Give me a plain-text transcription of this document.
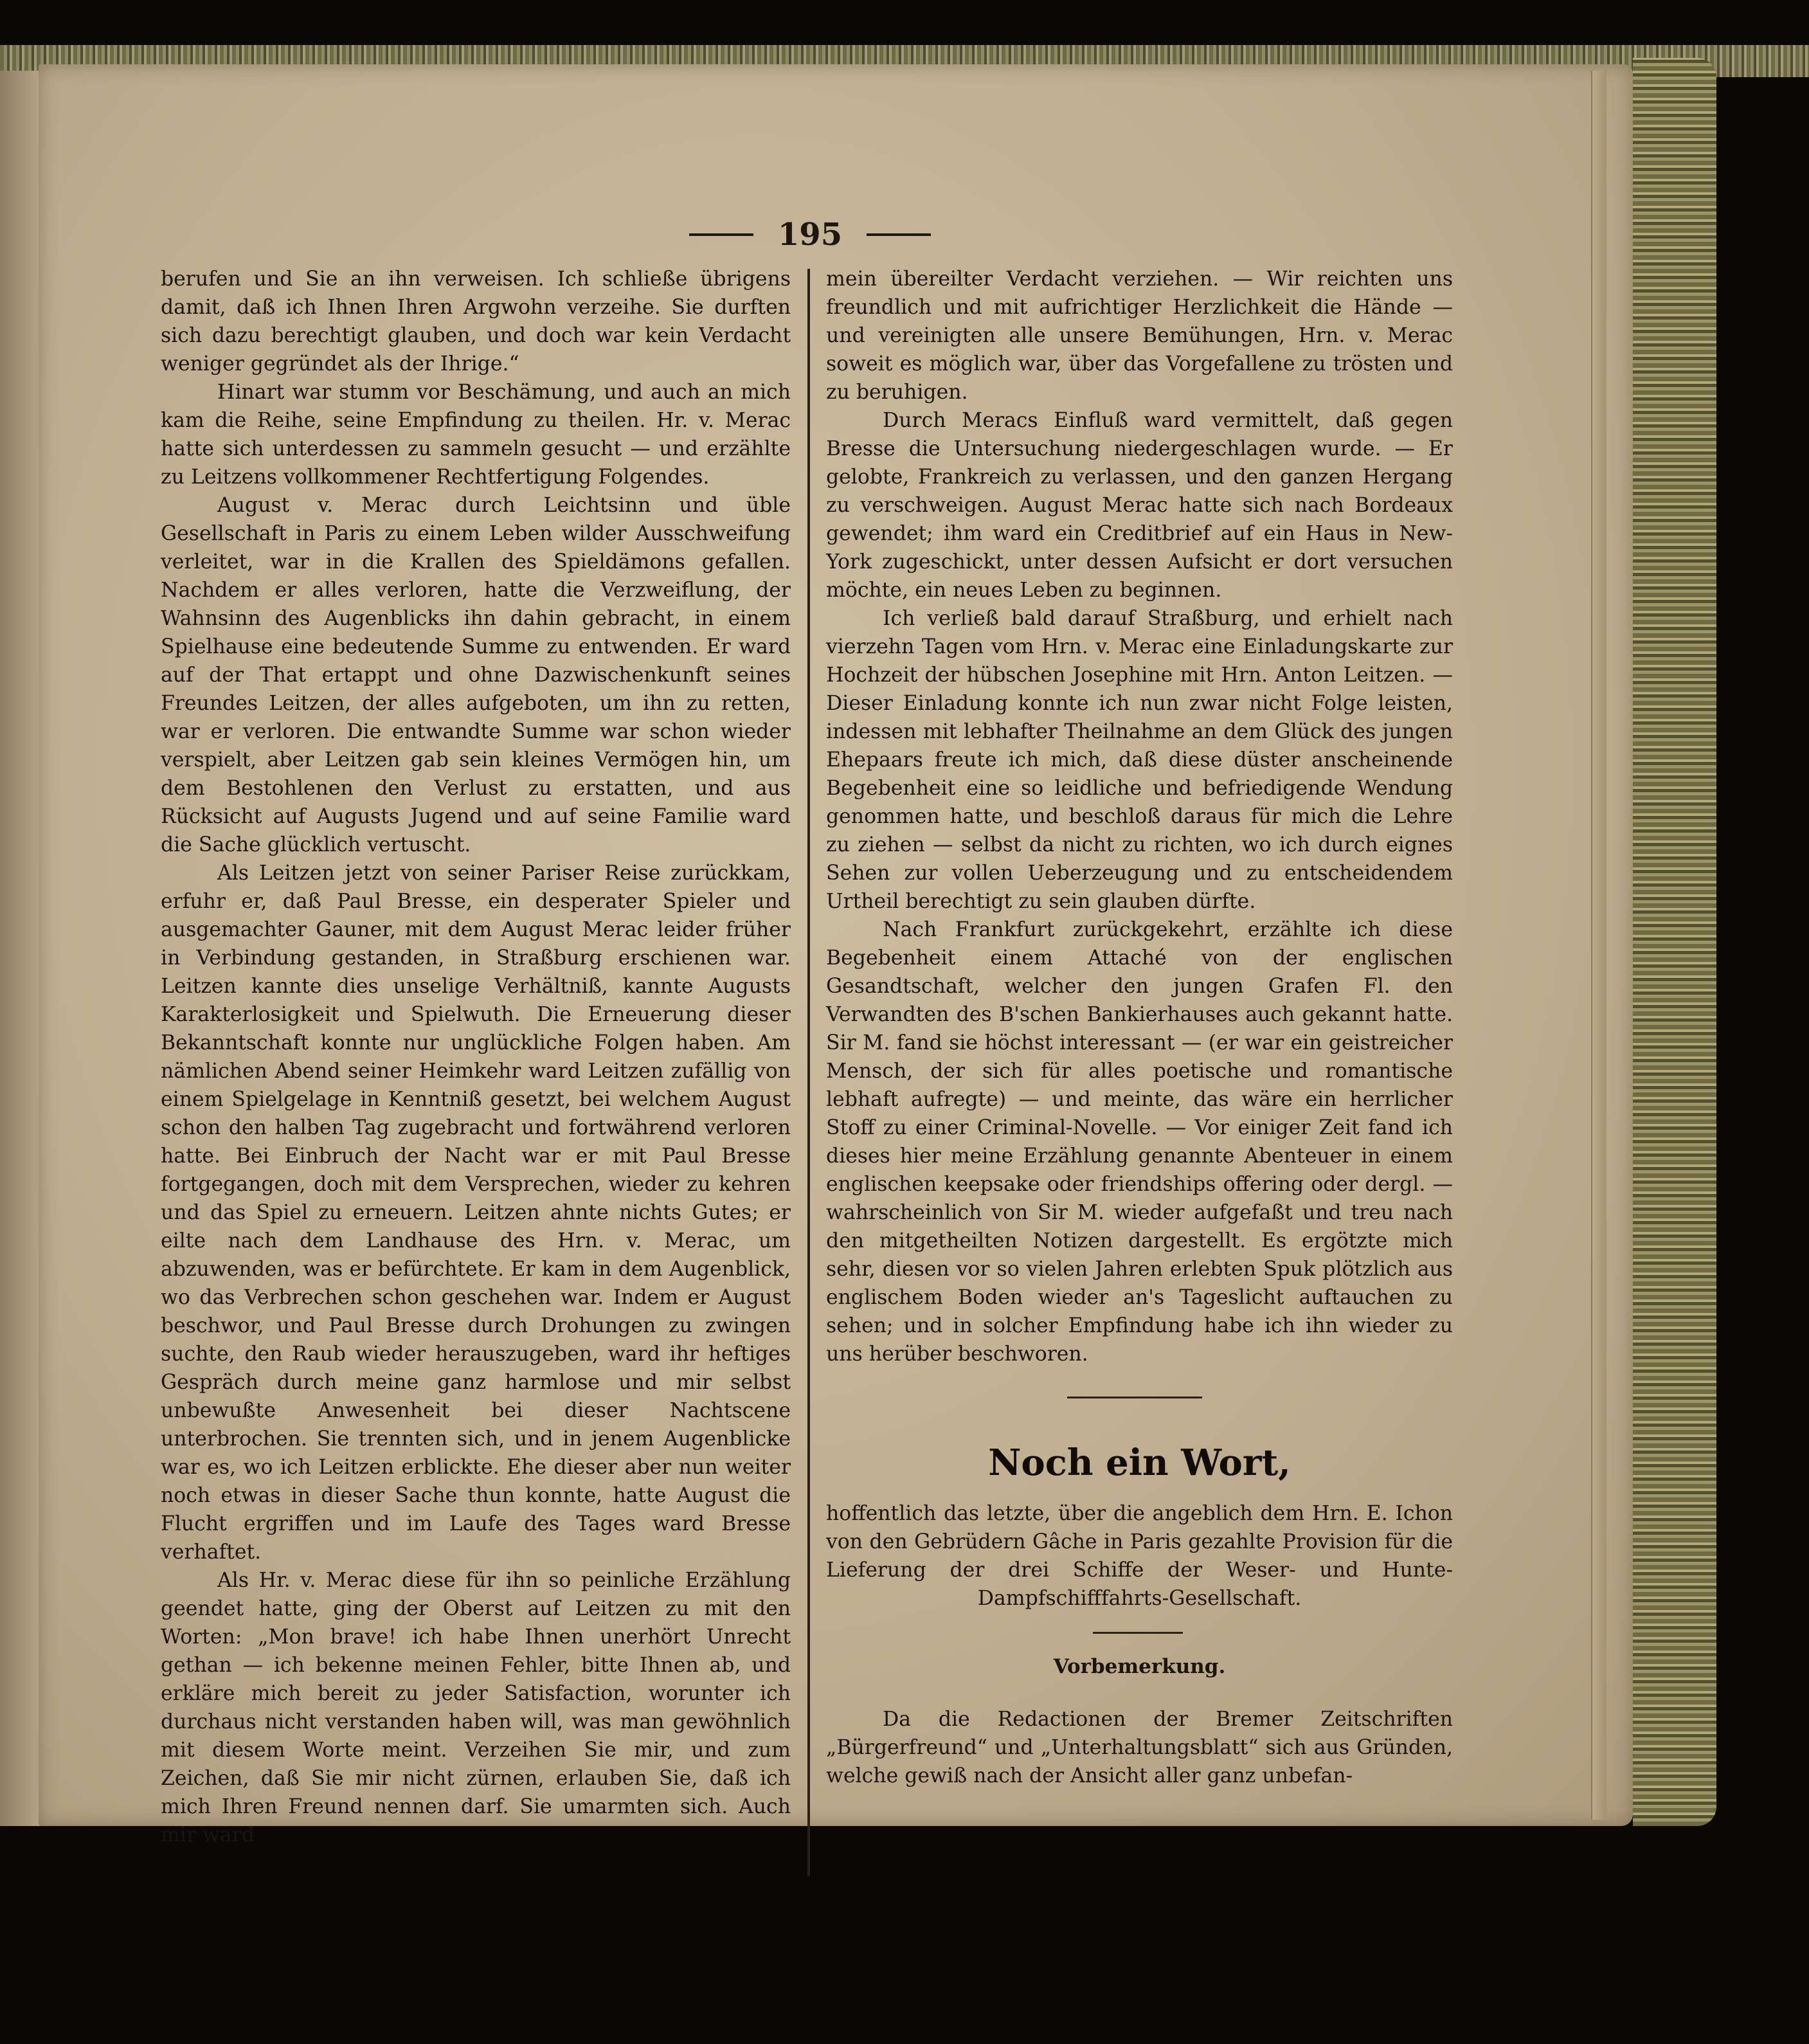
195

berufen und Sie an ihn verweisen. Ich schließe übrigens damit, daß ich Ihnen Ihren Argwohn verzeihe. Sie durften sich dazu berechtigt glauben, und doch war kein Verdacht weniger gegründet als der Ihrige.“

Hinart war stumm vor Beschämung, und auch an mich kam die Reihe, seine Empfindung zu theilen. Hr. v. Merac hatte sich unterdessen zu sammeln gesucht — und erzählte zu Leitzens vollkommener Rechtfertigung Folgendes.

August v. Merac durch Leichtsinn und üble Gesellschaft in Paris zu einem Leben wilder Ausschweifung verleitet, war in die Krallen des Spieldämons gefallen. Nachdem er alles verloren, hatte die Verzweiflung, der Wahnsinn des Augenblicks ihn dahin gebracht, in einem Spielhause eine bedeutende Summe zu entwenden. Er ward auf der That ertappt und ohne Dazwischenkunft seines Freundes Leitzen, der alles aufgeboten, um ihn zu retten, war er verloren. Die entwandte Summe war schon wieder verspielt, aber Leitzen gab sein kleines Vermögen hin, um dem Bestohlenen den Verlust zu erstatten, und aus Rücksicht auf Augusts Jugend und auf seine Familie ward die Sache glücklich vertuscht.

Als Leitzen jetzt von seiner Pariser Reise zurückkam, erfuhr er, daß Paul Bresse, ein desperater Spieler und ausgemachter Gauner, mit dem August Merac leider früher in Verbindung gestanden, in Straßburg erschienen war. Leitzen kannte dies unselige Verhältniß, kannte Augusts Karakterlosigkeit und Spielwuth. Die Erneuerung dieser Bekanntschaft konnte nur unglückliche Folgen haben. Am nämlichen Abend seiner Heimkehr ward Leitzen zufällig von einem Spielgelage in Kenntniß gesetzt, bei welchem August schon den halben Tag zugebracht und fortwährend verloren hatte. Bei Einbruch der Nacht war er mit Paul Bresse fortgegangen, doch mit dem Versprechen, wieder zu kehren und das Spiel zu erneuern. Leitzen ahnte nichts Gutes; er eilte nach dem Landhause des Hrn. v. Merac, um abzuwenden, was er befürchtete. Er kam in dem Augenblick, wo das Verbrechen schon geschehen war. Indem er August beschwor, und Paul Bresse durch Drohungen zu zwingen suchte, den Raub wieder herauszugeben, ward ihr heftiges Gespräch durch meine ganz harmlose und mir selbst unbewußte Anwesenheit bei dieser Nachtscene unterbrochen. Sie trennten sich, und in jenem Augenblicke war es, wo ich Leitzen erblickte. Ehe dieser aber nun weiter noch etwas in dieser Sache thun konnte, hatte August die Flucht ergriffen und im Laufe des Tages ward Bresse verhaftet.

Als Hr. v. Merac diese für ihn so peinliche Erzählung geendet hatte, ging der Oberst auf Leitzen zu mit den Worten: „Mon brave! ich habe Ihnen unerhört Unrecht gethan — ich bekenne meinen Fehler, bitte Ihnen ab, und erkläre mich bereit zu jeder Satisfaction, worunter ich durchaus nicht verstanden haben will, was man gewöhnlich mit diesem Worte meint. Verzeihen Sie mir, und zum Zeichen, daß Sie mir nicht zürnen, erlauben Sie, daß ich mich Ihren Freund nennen darf. Sie umarmten sich. Auch mir ward

mein übereilter Verdacht verziehen. — Wir reichten uns freundlich und mit aufrichtiger Herzlichkeit die Hände — und vereinigten alle unsere Bemühungen, Hrn. v. Merac soweit es möglich war, über das Vorgefallene zu trösten und zu beruhigen.

Durch Meracs Einfluß ward vermittelt, daß gegen Bresse die Untersuchung niedergeschlagen wurde. — Er gelobte, Frankreich zu verlassen, und den ganzen Hergang zu verschweigen. August Merac hatte sich nach Bordeaux gewendet; ihm ward ein Creditbrief auf ein Haus in New-York zugeschickt, unter dessen Aufsicht er dort versuchen möchte, ein neues Leben zu beginnen.

Ich verließ bald darauf Straßburg, und erhielt nach vierzehn Tagen vom Hrn. v. Merac eine Einladungskarte zur Hochzeit der hübschen Josephine mit Hrn. Anton Leitzen. — Dieser Einladung konnte ich nun zwar nicht Folge leisten, indessen mit lebhafter Theilnahme an dem Glück des jungen Ehepaars freute ich mich, daß diese düster anscheinende Begebenheit eine so leidliche und befriedigende Wendung genommen hatte, und beschloß daraus für mich die Lehre zu ziehen — selbst da nicht zu richten, wo ich durch eignes Sehen zur vollen Ueberzeugung und zu entscheidendem Urtheil berechtigt zu sein glauben dürfte.

Nach Frankfurt zurückgekehrt, erzählte ich diese Begebenheit einem Attaché von der englischen Gesandtschaft, welcher den jungen Grafen Fl. den Verwandten des B'schen Bankierhauses auch gekannt hatte. Sir M. fand sie höchst interessant — (er war ein geistreicher Mensch, der sich für alles poetische und romantische lebhaft aufregte) — und meinte, das wäre ein herrlicher Stoff zu einer Criminal-Novelle. — Vor einiger Zeit fand ich dieses hier meine Erzählung genannte Abenteuer in einem englischen keepsake oder friendships offering oder dergl. — wahrscheinlich von Sir M. wieder aufgefaßt und treu nach den mitgetheilten Notizen dargestellt. Es ergötzte mich sehr, diesen vor so vielen Jahren erlebten Spuk plötzlich aus englischem Boden wieder an's Tageslicht auftauchen zu sehen; und in solcher Empfindung habe ich ihn wieder zu uns herüber beschworen.

Noch ein Wort,
hoffentlich das letzte, über die angeblich dem Hrn. E. Ichon von den Gebrüdern Gâche in Paris gezahlte Provision für die Lieferung der drei Schiffe der Weser- und Hunte-Dampfschifffahrts-Gesellschaft.
Vorbemerkung.
Da die Redactionen der Bremer Zeitschriften „Bürgerfreund“ und „Unterhaltungsblatt“ sich aus Gründen, welche gewiß nach der Ansicht aller ganz unbefan-
